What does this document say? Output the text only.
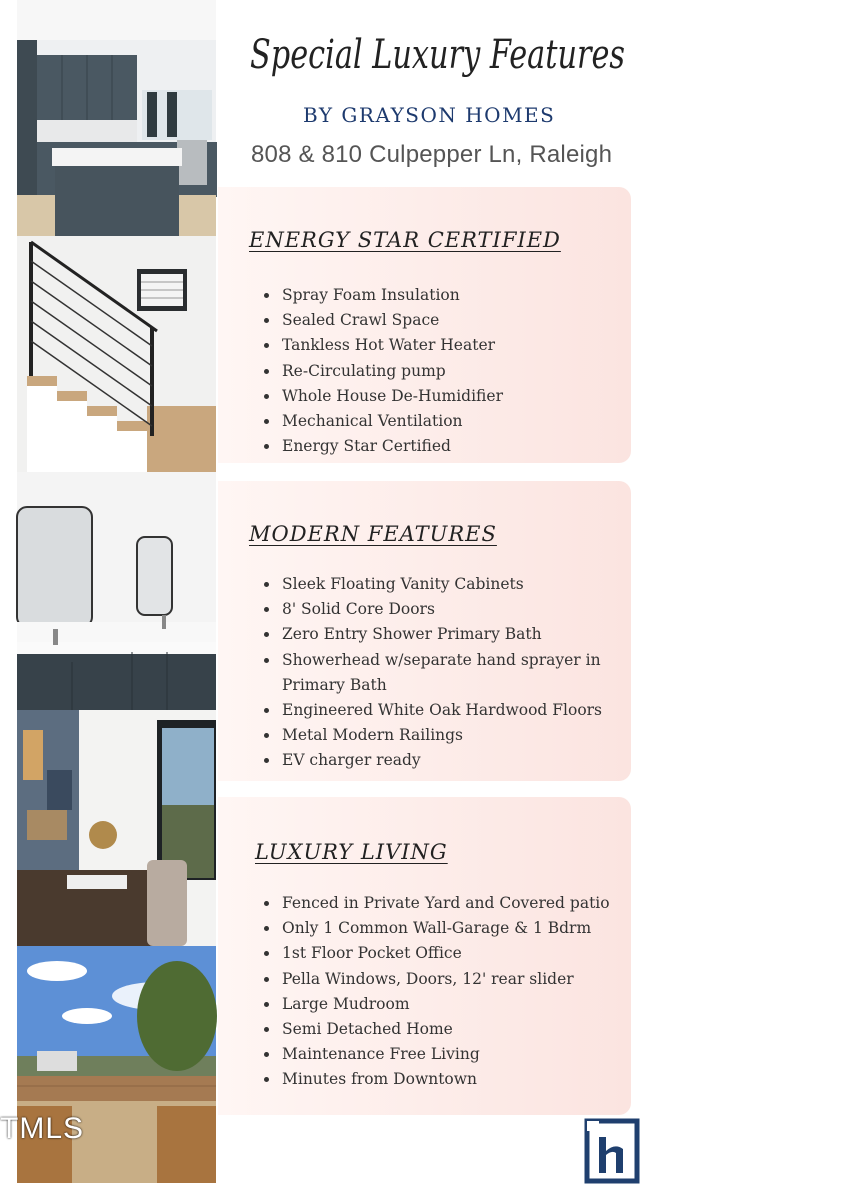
Special Luxury Features
BY GRAYSON HOMES
808 & 810 Culpepper Ln, Raleigh
ENERGY STAR CERTIFIED
• Spray Foam Insulation
• Sealed Crawl Space
• Tankless Hot Water Heater
• Re-Circulating pump
• Whole House De-Humidifier
• Mechanical Ventilation
• Energy Star Certified
MODERN FEATURES
• Sleek Floating Vanity Cabinets
• 8' Solid Core Doors
• Zero Entry Shower Primary Bath
• Showerhead w/separate hand sprayer in Primary Bath
• Engineered White Oak Hardwood Floors
• Metal Modern Railings
• EV charger ready
LUXURY LIVING
• Fenced in Private Yard and Covered patio
• Only 1 Common Wall-Garage & 1 Bdrm
• 1st Floor Pocket Office
• Pella Windows, Doors, 12' rear slider
• Large Mudroom
• Semi Detached Home
• Maintenance Free Living
• Minutes from Downtown
TMLS
